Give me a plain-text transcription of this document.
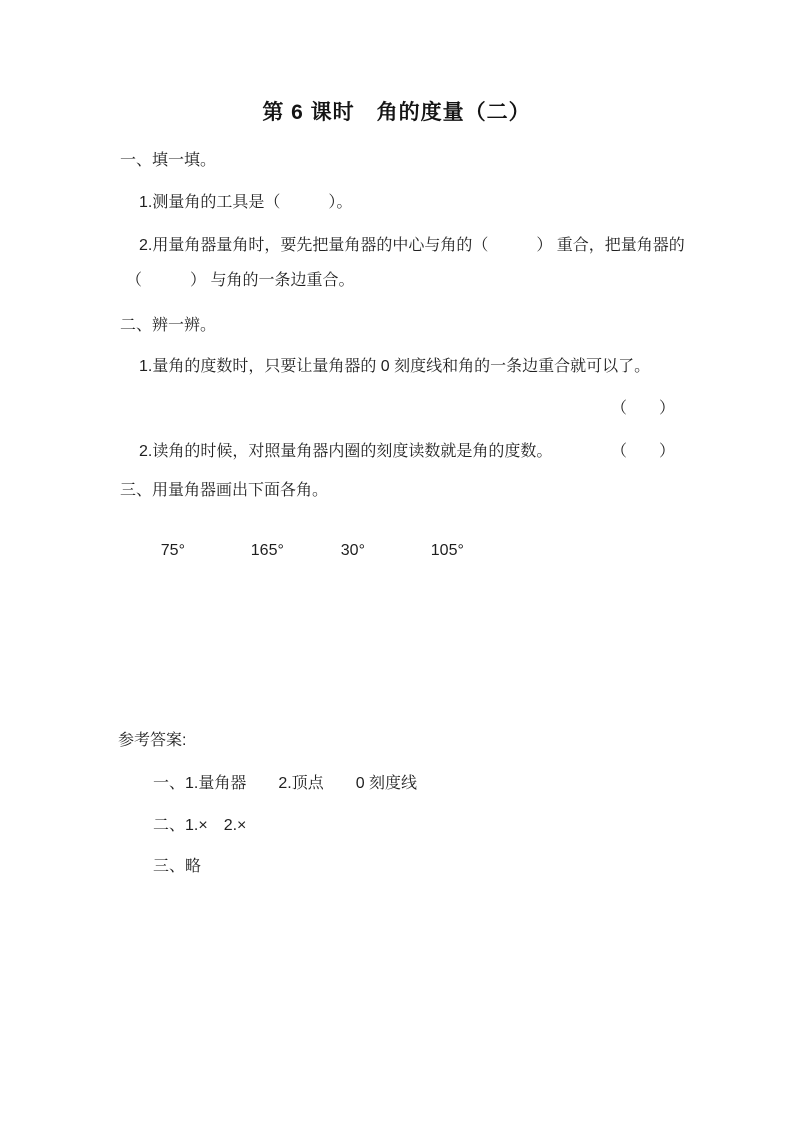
第 6 课时　角的度量（二）
一、填一填。
1.测量角的工具是（　　　）。
2.用量角器量角时，要先把量角器的中心与角的（　　　） 重合，把量角器的
（　　　） 与角的一条边重合。
二、辨一辨。
1.量角的度数时，只要让量角器的 0 刻度线和角的一条边重合就可以了。
（　　）
2.读角的时候，对照量角器内圈的刻度读数就是角的度数。	（　　）
三、用量角器画出下面各角。

75°	165°	30°	105°

参考答案:
一、1.量角器　　2.顶点　　0 刻度线
二、1.×　2.×
三、略
